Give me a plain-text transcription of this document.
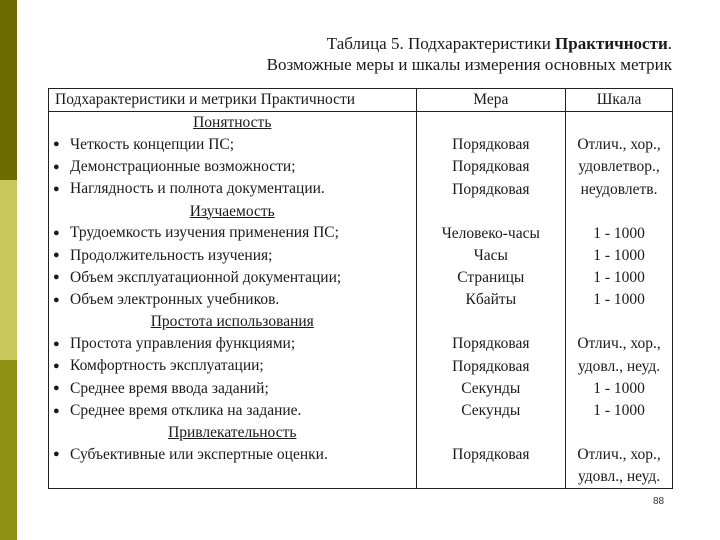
Таблица 5. Подхарактеристики Практичности.
Возможные меры и шкалы измерения основных метрик
Подхарактеристики и метрики Практичности	Мера	Шкала
Понятность		
● Четкость концепции ПС;	Порядковая	Отлич., хор.,
● Демонстрационные возможности;	Порядковая	удовлетвор.,
● Наглядность и полнота документации.	Порядковая	неудовлетв.
Изучаемость		
● Трудоемкость изучения применения ПС;	Человеко-часы	1 - 1000
● Продолжительность изучения;	Часы	1 - 1000
● Объем эксплуатационной документации;	Страницы	1 - 1000
● Объем электронных учебников.	Кбайты	1 - 1000
Простота использования		
● Простота управления функциями;	Порядковая	Отлич., хор.,
● Комфортность эксплуатации;	Порядковая	удовл., неуд.
● Среднее время ввода заданий;	Секунды	1 - 1000
● Среднее время отклика на задание.	Секунды	1 - 1000
Привлекательность		
● Субъективные или экспертные оценки.	Порядковая	Отлич., хор.,
		удовл., неуд.
88
